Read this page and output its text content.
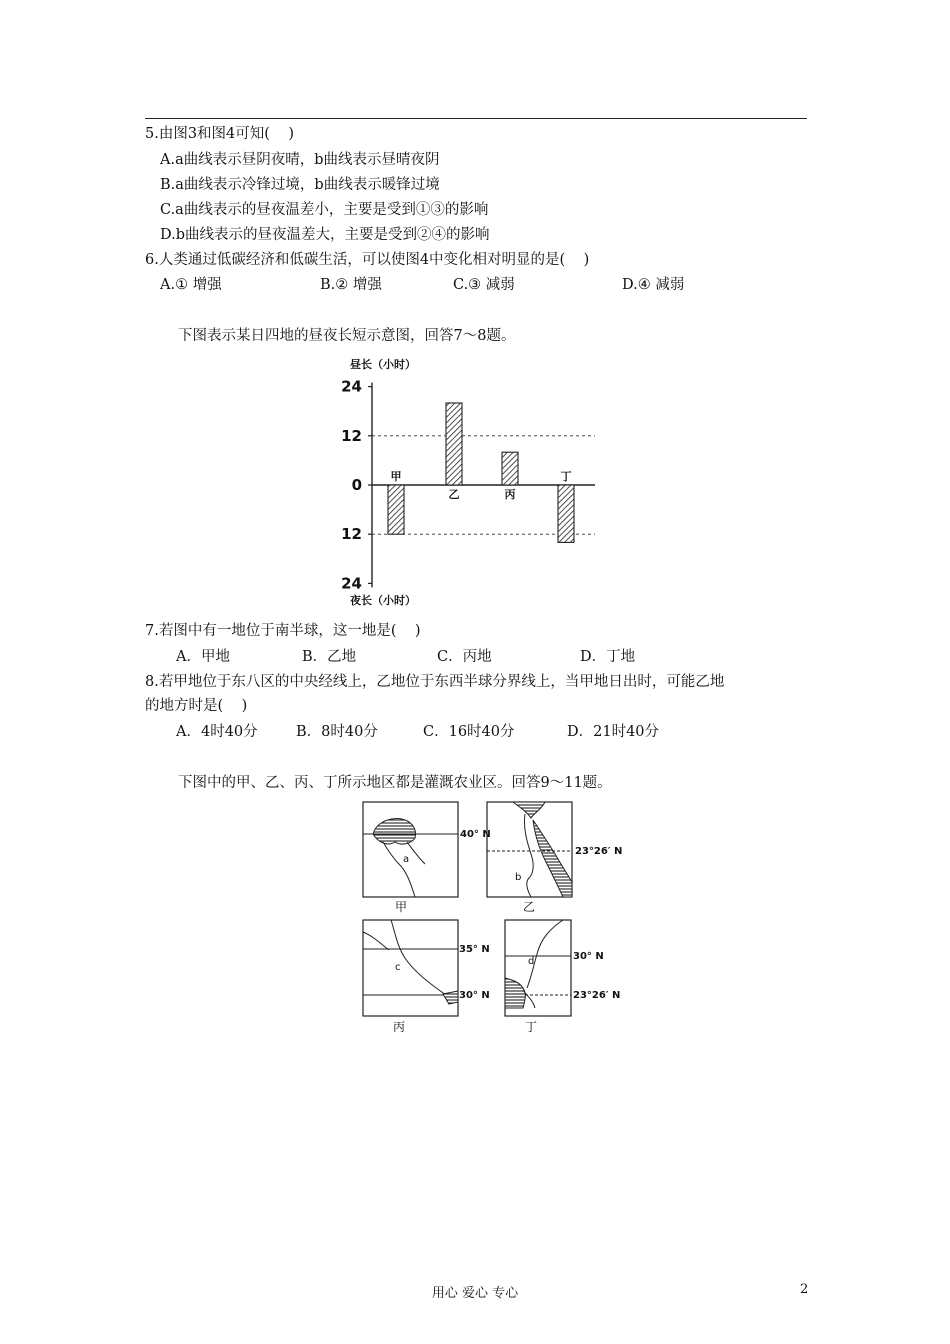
5.由图3和图4可知(    )
A.a曲线表示昼阴夜晴，b曲线表示昼晴夜阴
B.a曲线表示冷锋过境，b曲线表示暖锋过境
C.a曲线表示的昼夜温差小，主要是受到①③的影响
D.b曲线表示的昼夜温差大，主要是受到②④的影响
6.人类通过低碳经济和低碳生活，可以使图4中变化相对明显的是(    )
A.① 增强	B.② 增强	C.③ 减弱	D.④ 减弱
下图表示某日四地的昼夜长短示意图，回答7～8题。
昼长（小时）
夜长（小时）
24
12
0
12
24
甲
乙	丙
丁
7.若图中有一地位于南半球，这一地是(    )
A．甲地	B．乙地	C．丙地	D．丁地
8.若甲地位于东八区的中央经线上，乙地位于东西半球分界线上，当甲地日出时，可能乙地
的地方时是(    )
A．4时40分	B．8时40分	C．16时40分	D．21时40分
下图中的甲、乙、丙、丁所示地区都是灌溉农业区。回答9～11题。
a
40° N
甲
b
23°26′ N
乙
c
35° N
30° N
丙
d	30° N
23°26′ N
丁
用心 爱心 专心	2
